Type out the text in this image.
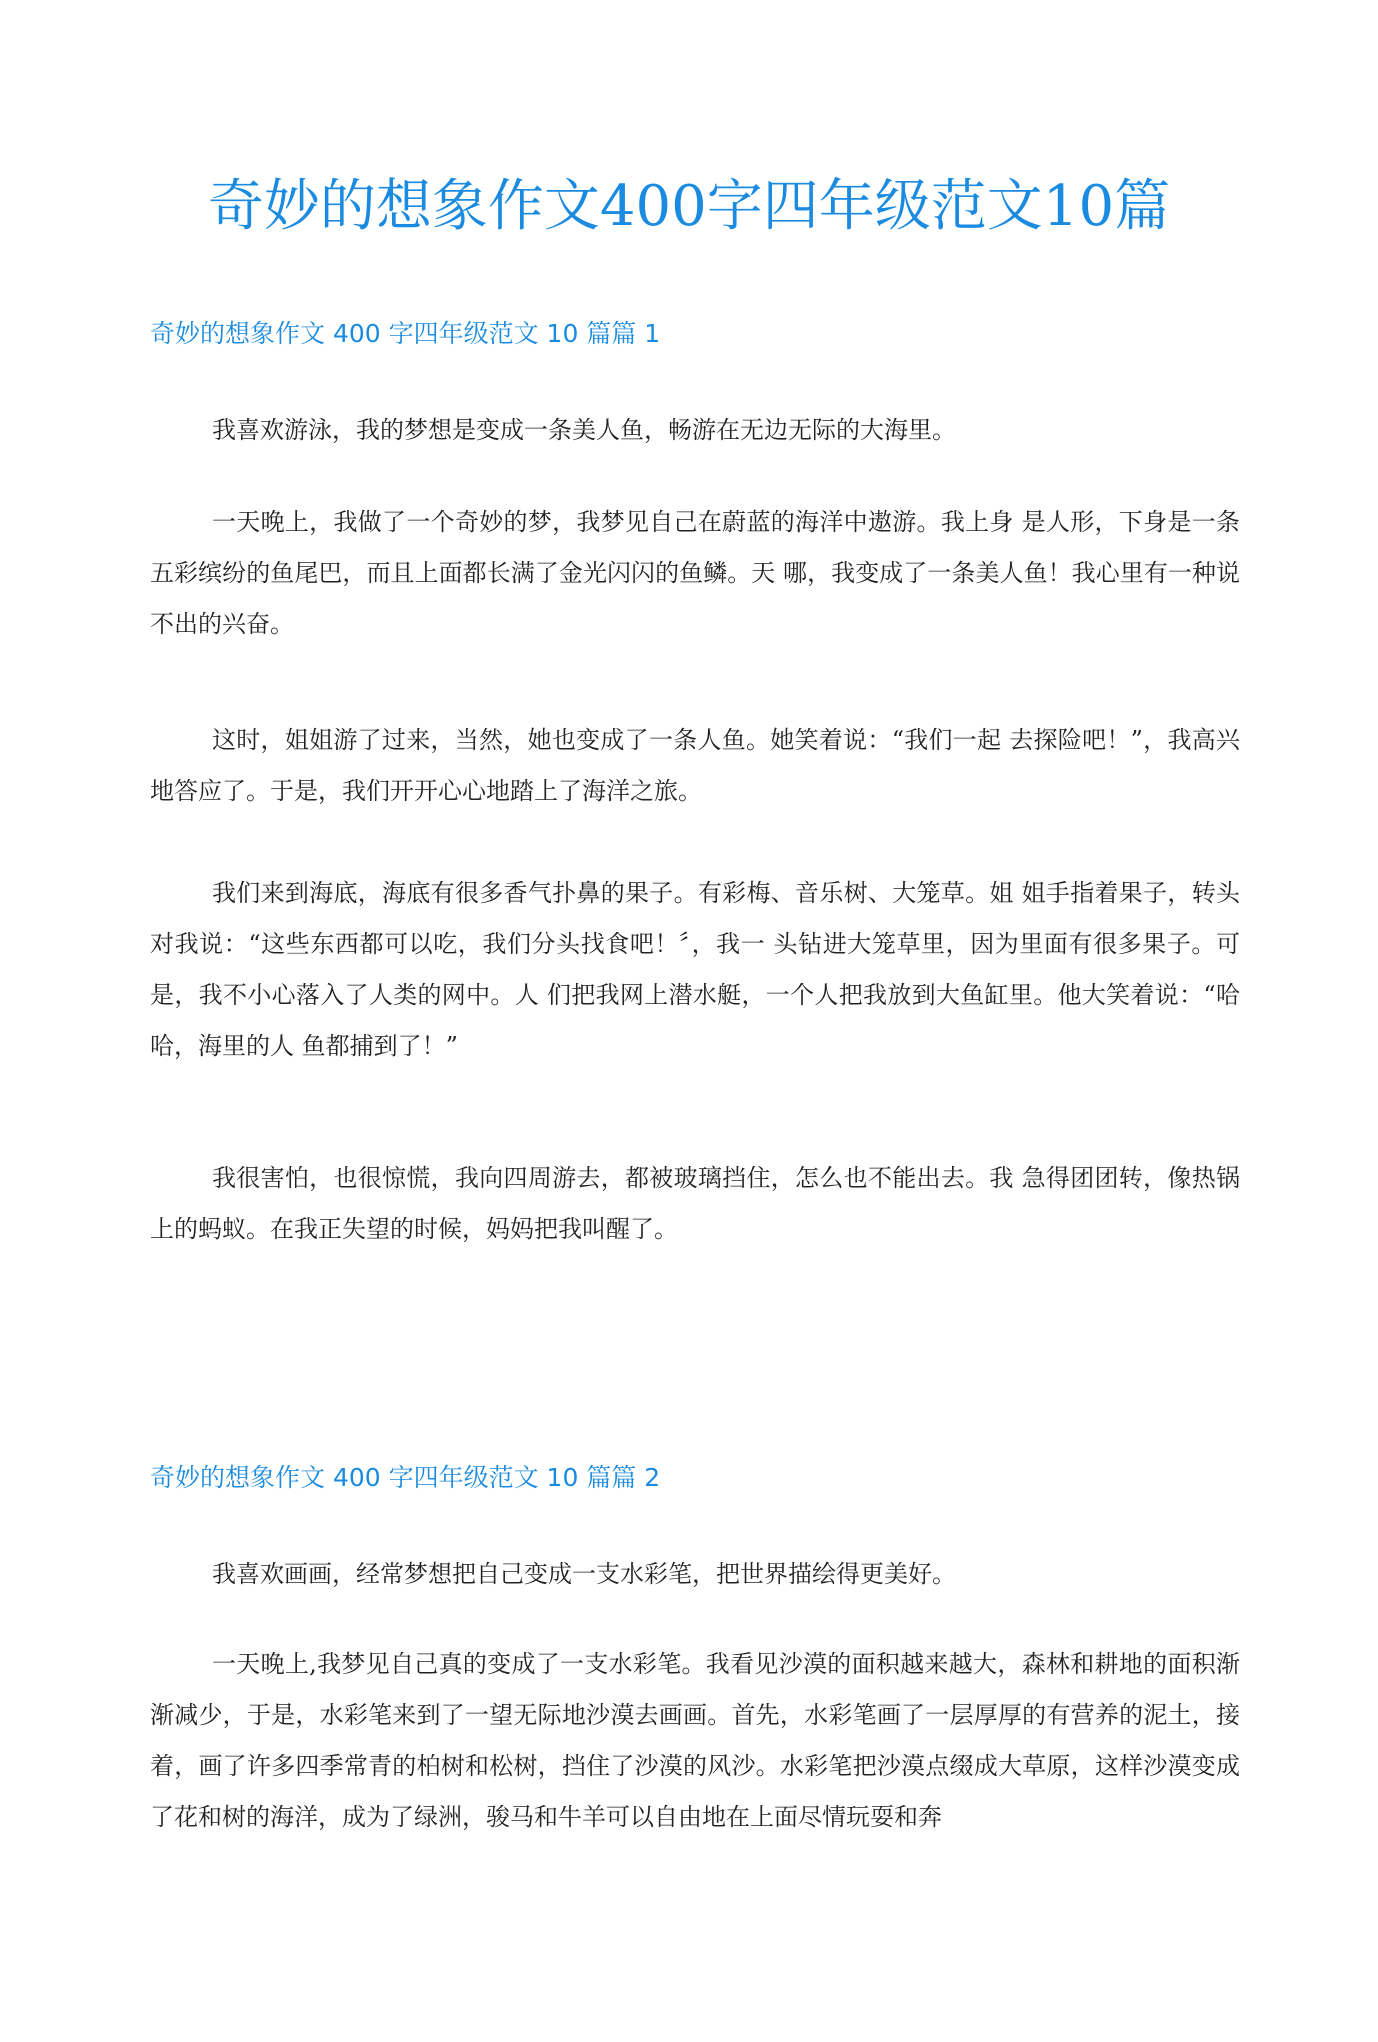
奇妙的想象作文400字四年级范文10篇
奇妙的想象作文 400 字四年级范文 10 篇篇 1

我喜欢游泳，我的梦想是变成一条美人鱼，畅游在无边无际的大海里。

一天晚上，我做了一个奇妙的梦，我梦见自己在蔚蓝的海洋中遨游。我上身 是人形，下身是一条五彩缤纷的鱼尾巴，而且上面都长满了金光闪闪的鱼鳞。天 哪，我变成了一条美人鱼！我心里有一种说不出的兴奋。

这时，姐姐游了过来，当然，她也变成了一条人鱼。她笑着说：“我们一起 去探险吧！”，我高兴地答应了。于是，我们开开心心地踏上了海洋之旅。

我们来到海底，海底有很多香气扑鼻的果子。有彩梅、音乐树、大笼草。姐 姐手指着果子，转头对我说：“这些东西都可以吃，我们分头找食吧！〞，我一 头钻进大笼草里，因为里面有很多果子。可是，我不小心落入了人类的网中。人 们把我网上潜水艇，一个人把我放到大鱼缸里。他大笑着说：“哈哈，海里的人 鱼都捕到了！”

我很害怕，也很惊慌，我向四周游去，都被玻璃挡住，怎么也不能出去。我 急得团团转，像热锅上的蚂蚁。在我正失望的时候，妈妈把我叫醒了。

奇妙的想象作文 400 字四年级范文 10 篇篇 2

我喜欢画画，经常梦想把自己变成一支水彩笔，把世界描绘得更美好。

一天晚上,我梦见自己真的变成了一支水彩笔。我看见沙漠的面积越来越大，森林和耕地的面积渐渐减少，于是，水彩笔来到了一望无际地沙漠去画画。首先，水彩笔画了一层厚厚的有营养的泥土，接着，画了许多四季常青的柏树和松树，挡住了沙漠的风沙。水彩笔把沙漠点缀成大草原，这样沙漠变成了花和树的海洋，成为了绿洲，骏马和牛羊可以自由地在上面尽情玩耍和奔
